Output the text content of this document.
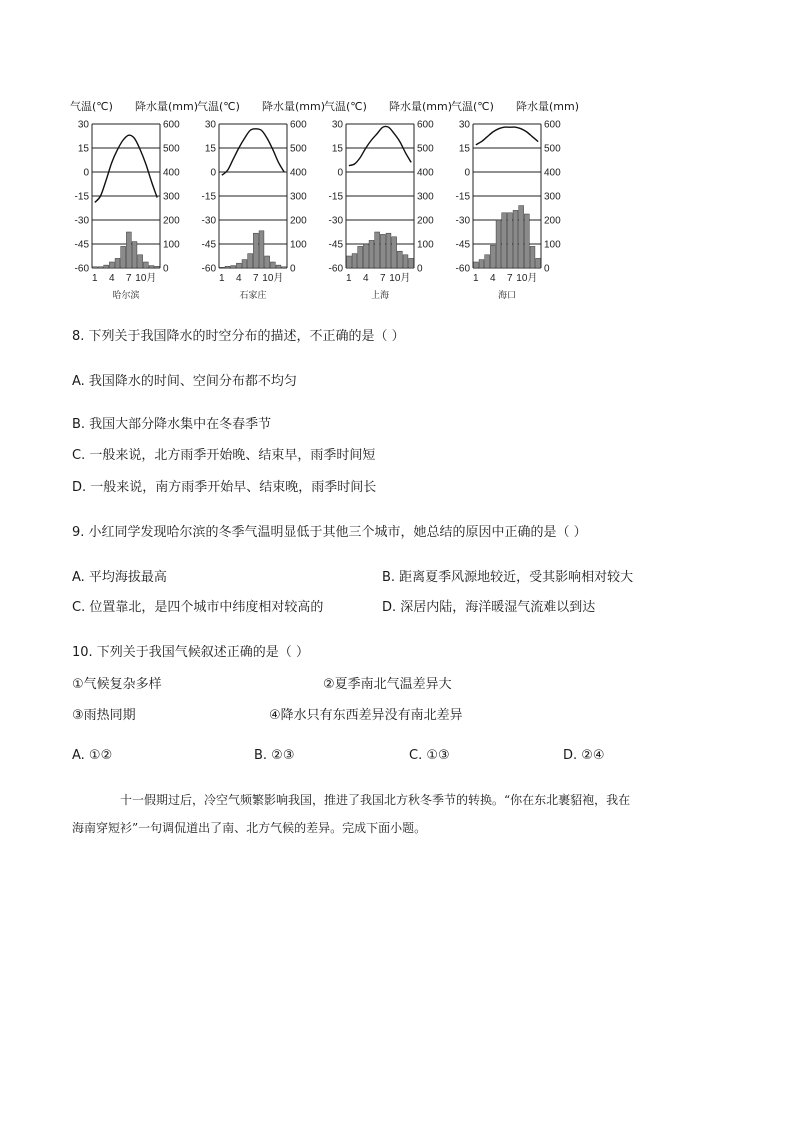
气温(℃) 降水量(mm)
30	600
15	500
0	400
-15	300
-30	200
-45	100
-60	0
1 4 7 10月
哈尔滨
气温(℃) 降水量(mm)
30	600
15	500
0	400
-15	300
-30	200
-45	100
-60	0
1 4 7 10月
石家庄
气温(℃) 降水量(mm)
30	600
15	500
0	400
-15	300
-30	200
-45	100
-60	0
1 4 7 10月
上海
气温(℃) 降水量(mm)
30	600
15	500
0	400
-15	300
-30	200
-45	100
-60	0
1 4 7 10月
海口
8. 下列关于我国降水的时空分布的描述，不正确的是（ ）
A. 我国降水的时间、空间分布都不均匀
B. 我国大部分降水集中在冬春季节
C. 一般来说，北方雨季开始晚、结束早，雨季时间短
D. 一般来说，南方雨季开始早、结束晚，雨季时间长
9. 小红同学发现哈尔滨的冬季气温明显低于其他三个城市，她总结的原因中正确的是（ ）
A. 平均海拔最高	B. 距离夏季风源地较近，受其影响相对较大
C. 位置靠北，是四个城市中纬度相对较高的	D. 深居内陆，海洋暖湿气流难以到达
10. 下列关于我国气候叙述正确的是（ ）
①气候复杂多样	②夏季南北气温差异大
③雨热同期	④降水只有东西差异没有南北差异
A. ①②	B. ②③	C. ①③	D. ②④
十一假期过后，冷空气频繁影响我国，推进了我国北方秋冬季节的转换。“你在东北裹貂袍，我在
海南穿短衫”一句调侃道出了南、北方气候的差异。完成下面小题。
